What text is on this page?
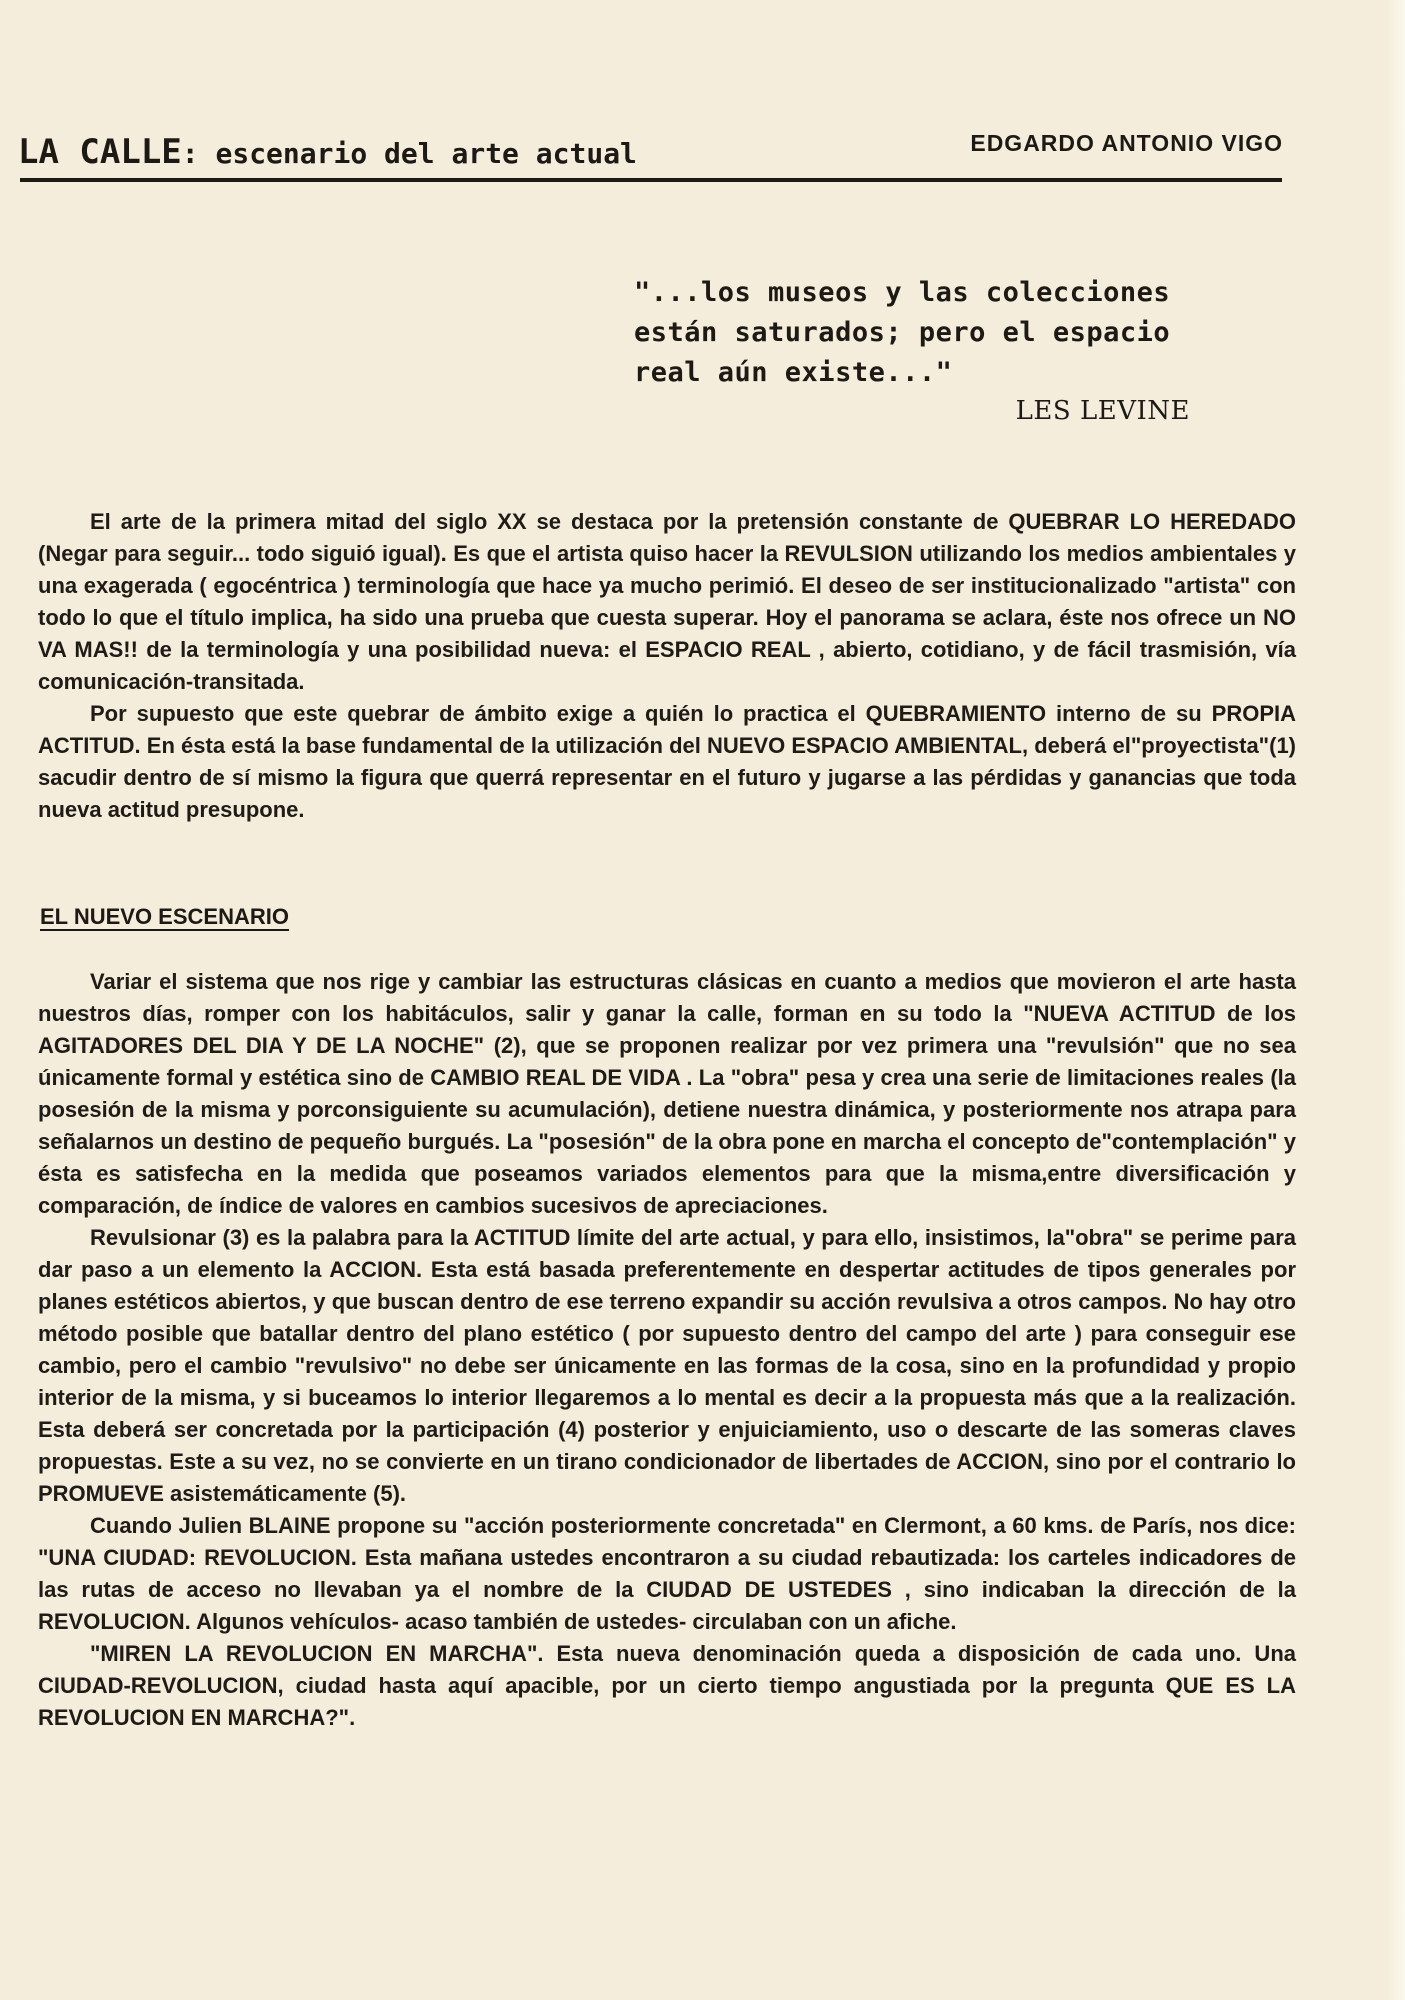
LA CALLE: escenario del arte actual	EDGARDO ANTONIO VIGO
"...los museos y las colecciones
están saturados; pero el espacio
real aún existe..."
LES LEVINE

El arte de la primera mitad del siglo XX se destaca por la pretensión constante de QUEBRAR LO HEREDADO (Negar para seguir... todo siguió igual). Es que el artista quiso hacer la REVULSION utilizando los medios ambientales y una exagerada ( egocéntrica ) terminología que hace ya mucho perimió. El deseo de ser institucionalizado "artista" con todo lo que el título implica, ha sido una prueba que cuesta superar. Hoy el panorama se aclara, éste nos ofrece un NO VA MAS!! de la terminología y una posibilidad nueva: el ESPACIO REAL , abierto, cotidiano, y de fácil trasmisión, vía comunicación-transitada.

Por supuesto que este quebrar de ámbito exige a quién lo practica el QUEBRAMIENTO interno de su PROPIA ACTITUD. En ésta está la base fundamental de la utilización del NUEVO ESPACIO AMBIENTAL, deberá el"proyectista"(1) sacudir dentro de sí mismo la figura que querrá representar en el futuro y jugarse a las pérdidas y ganancias que toda nueva actitud presupone.

EL NUEVO ESCENARIO

Variar el sistema que nos rige y cambiar las estructuras clásicas en cuanto a medios que movieron el arte hasta nuestros días, romper con los habitáculos, salir y ganar la calle, forman en su todo la "NUEVA ACTITUD de los AGITADORES DEL DIA Y DE LA NOCHE" (2), que se proponen realizar por vez primera una "revulsión" que no sea únicamente formal y estética sino de CAMBIO REAL DE VIDA . La "obra" pesa y crea una serie de limitaciones reales (la posesión de la misma y porconsiguiente su acumulación), detiene nuestra dinámica, y posteriormente nos atrapa para señalarnos un destino de pequeño burgués. La "posesión" de la obra pone en marcha el concepto de"contemplación" y ésta es satisfecha en la medida que poseamos variados elementos para que la misma,entre diversificación y comparación, de índice de valores en cambios sucesivos de apreciaciones.

Revulsionar (3) es la palabra para la ACTITUD límite del arte actual, y para ello, insistimos, la"obra" se perime para dar paso a un elemento la ACCION. Esta está basada preferentemente en despertar actitudes de tipos generales por planes estéticos abiertos, y que buscan dentro de ese terreno expandir su acción revulsiva a otros campos. No hay otro método posible que batallar dentro del plano estético ( por supuesto dentro del campo del arte ) para conseguir ese cambio, pero el cambio "revulsivo" no debe ser únicamente en las formas de la cosa, sino en la profundidad y propio interior de la misma, y si buceamos lo interior llegaremos a lo mental es decir a la propuesta más que a la realización. Esta deberá ser concretada por la participación (4) posterior y enjuiciamiento, uso o descarte de las someras claves propuestas. Este a su vez, no se convierte en un tirano condicionador de libertades de ACCION, sino por el contrario lo PROMUEVE asistemáticamente (5).

Cuando Julien BLAINE propone su "acción posteriormente concretada" en Clermont, a 60 kms. de París, nos dice: "UNA CIUDAD: REVOLUCION. Esta mañana ustedes encontraron a su ciudad rebautizada: los carteles indicadores de las rutas de acceso no llevaban ya el nombre de la CIUDAD DE USTEDES , sino indicaban la dirección de la REVOLUCION. Algunos vehículos- acaso también de ustedes- circulaban con un afiche.

"MIREN LA REVOLUCION EN MARCHA". Esta nueva denominación queda a disposición de cada uno. Una CIUDAD-REVOLUCION, ciudad hasta aquí apacible, por un cierto tiempo angustiada por la pregunta QUE ES LA REVOLUCION EN MARCHA?".
